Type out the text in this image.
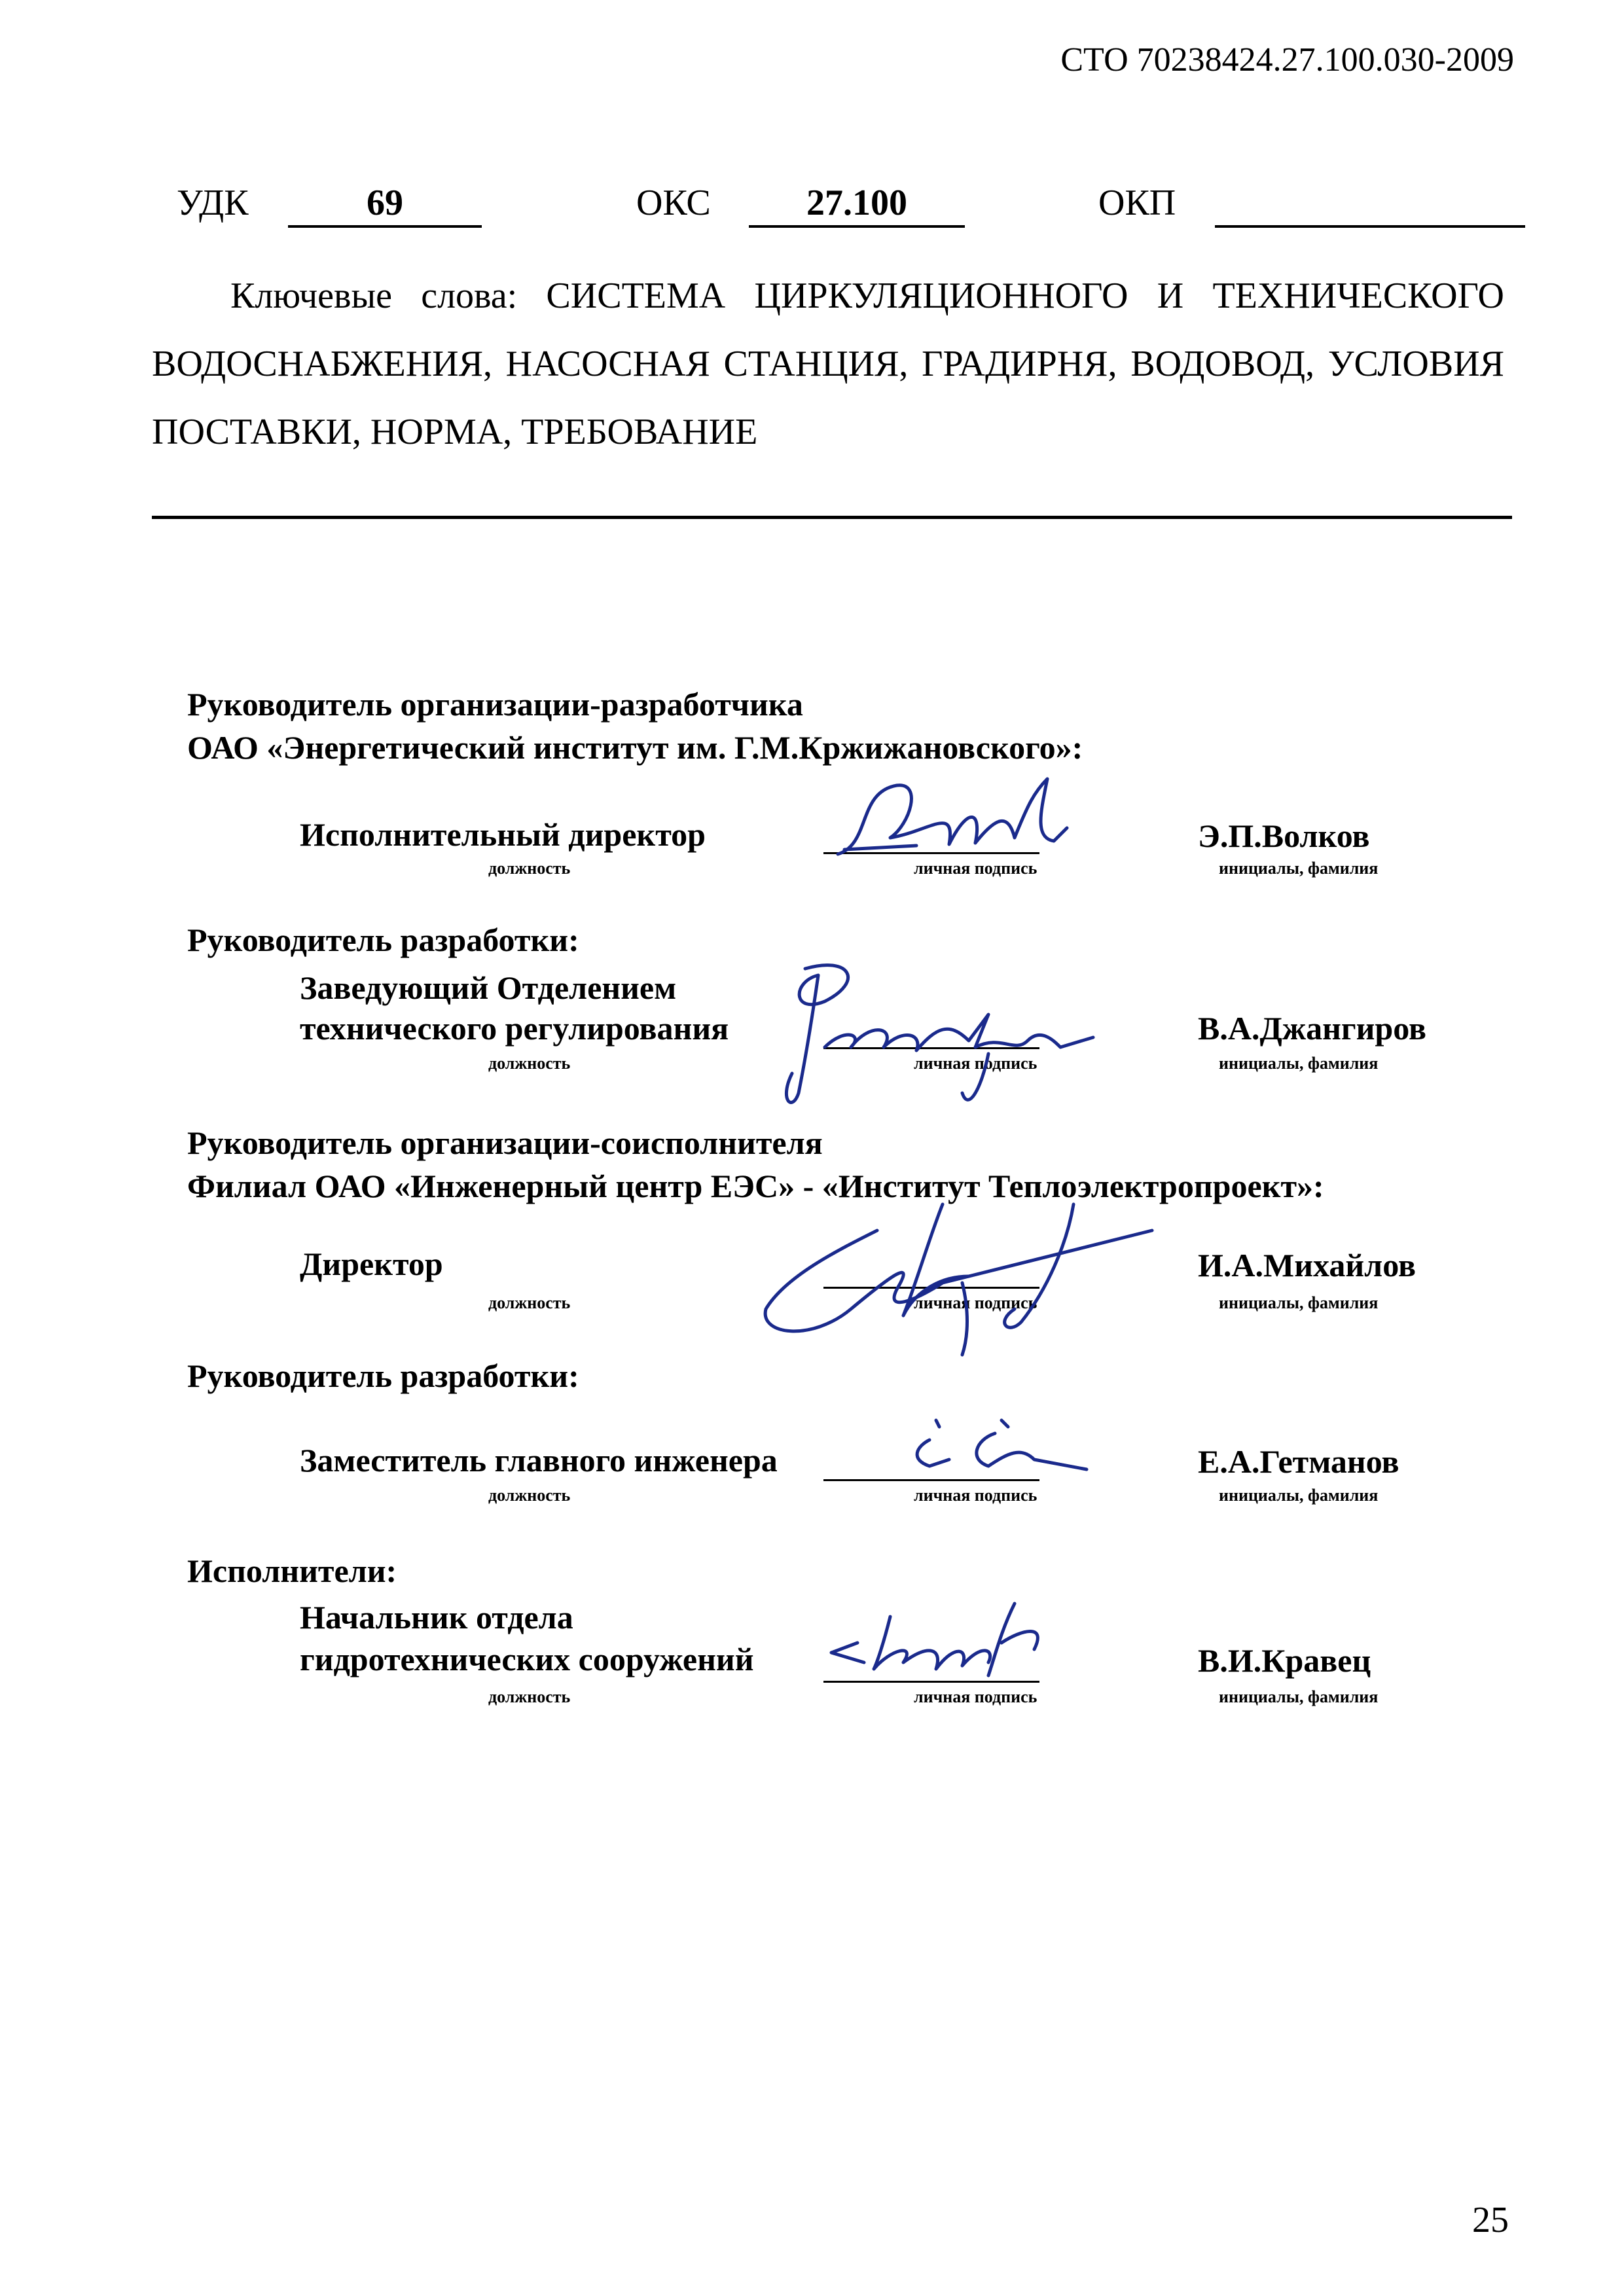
СТО 70238424.27.100.030-2009
УДК	69	ОКС	27.100	ОКП
Ключевые слова: СИСТЕМА ЦИРКУЛЯЦИОННОГО И ТЕХНИЧЕСКОГО ВОДОСНАБЖЕНИЯ, НАСОСНАЯ СТАНЦИЯ, ГРАДИРНЯ, ВОДОВОД, УСЛОВИЯ ПОСТАВКИ, НОРМА, ТРЕБОВАНИЕ
Руководитель организации-разработчика
ОАО «Энергетический институт им. Г.М.Кржижановского»:
Исполнительный директор	Э.П.Волков
должность	личная подпись	инициалы, фамилия
Руководитель разработки:
Заведующий Отделением
технического регулирования	В.А.Джангиров
должность	личная подпись	инициалы, фамилия
Руководитель организации-соисполнителя
Филиал ОАО «Инженерный центр ЕЭС» - «Институт Теплоэлектропроект»:
Директор	И.А.Михайлов
должность	личная подпись	инициалы, фамилия
Руководитель разработки:
Заместитель главного инженера	Е.А.Гетманов
должность	личная подпись	инициалы, фамилия
Исполнители:
Начальник отдела
гидротехнических сооружений	В.И.Кравец
должность	личная подпись	инициалы, фамилия
25
